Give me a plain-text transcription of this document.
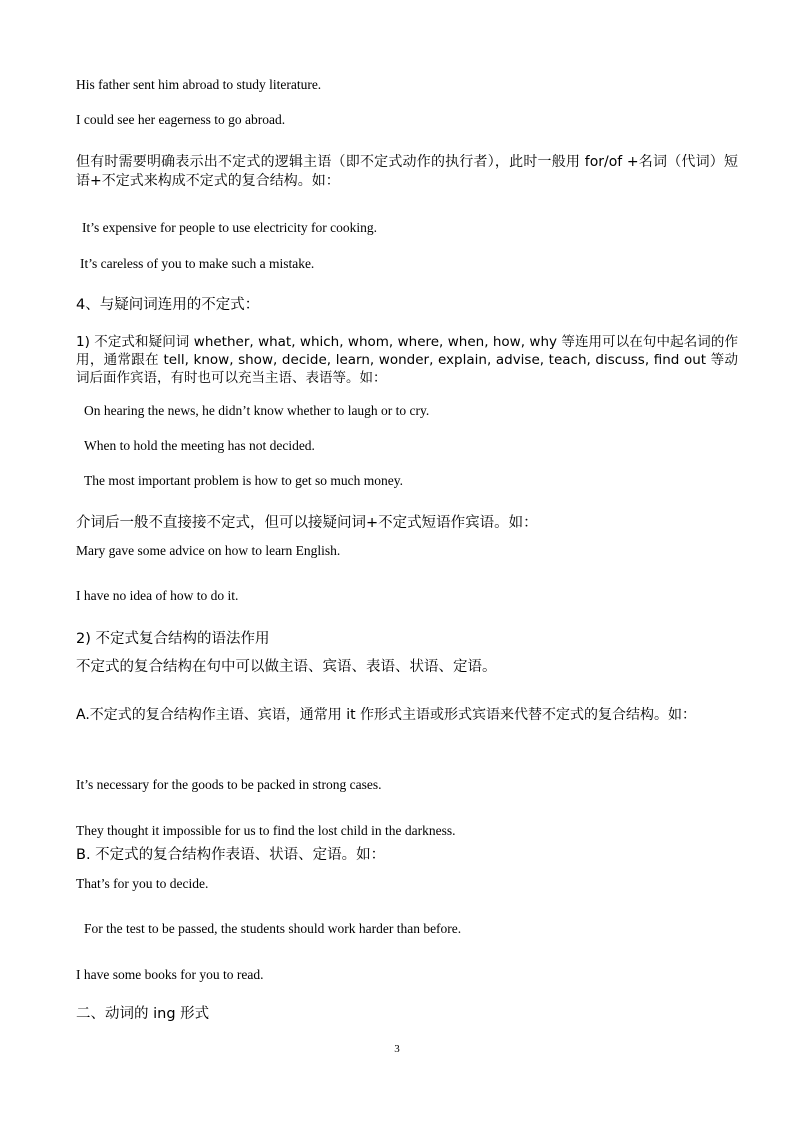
His father sent him abroad to study literature.
I could see her eagerness to go abroad.
但有时需要明确表示出不定式的逻辑主语（即不定式动作的执行者），此时一般用 for/of +名词（代词）短语+不定式来构成不定式的复合结构。如：
It’s expensive for people to use electricity for cooking.
It’s careless of you to make such a mistake.
4、与疑问词连用的不定式：
1) 不定式和疑问词 whether, what, which, whom, where, when, how, why 等连用可以在句中起名词的作用，通常跟在 tell, know, show, decide, learn, wonder, explain, advise, teach, discuss, find out 等动词后面作宾语，有时也可以充当主语、表语等。如：
On hearing the news, he didn’t know whether to laugh or to cry.
When to hold the meeting has not decided.
The most important problem is how to get so much money.
介词后一般不直接接不定式，但可以接疑问词+不定式短语作宾语。如：
Mary gave some advice on how to learn English.
I have no idea of how to do it.
2) 不定式复合结构的语法作用
不定式的复合结构在句中可以做主语、宾语、表语、状语、定语。
A.不定式的复合结构作主语、宾语，通常用 it 作形式主语或形式宾语来代替不定式的复合结构。如：
It’s necessary for the goods to be packed in strong cases.
They thought it impossible for us to find the lost child in the darkness.
B. 不定式的复合结构作表语、状语、定语。如：
That’s for you to decide.
For the test to be passed, the students should work harder than before.
I have some books for you to read.
二、动词的 ing 形式
3
